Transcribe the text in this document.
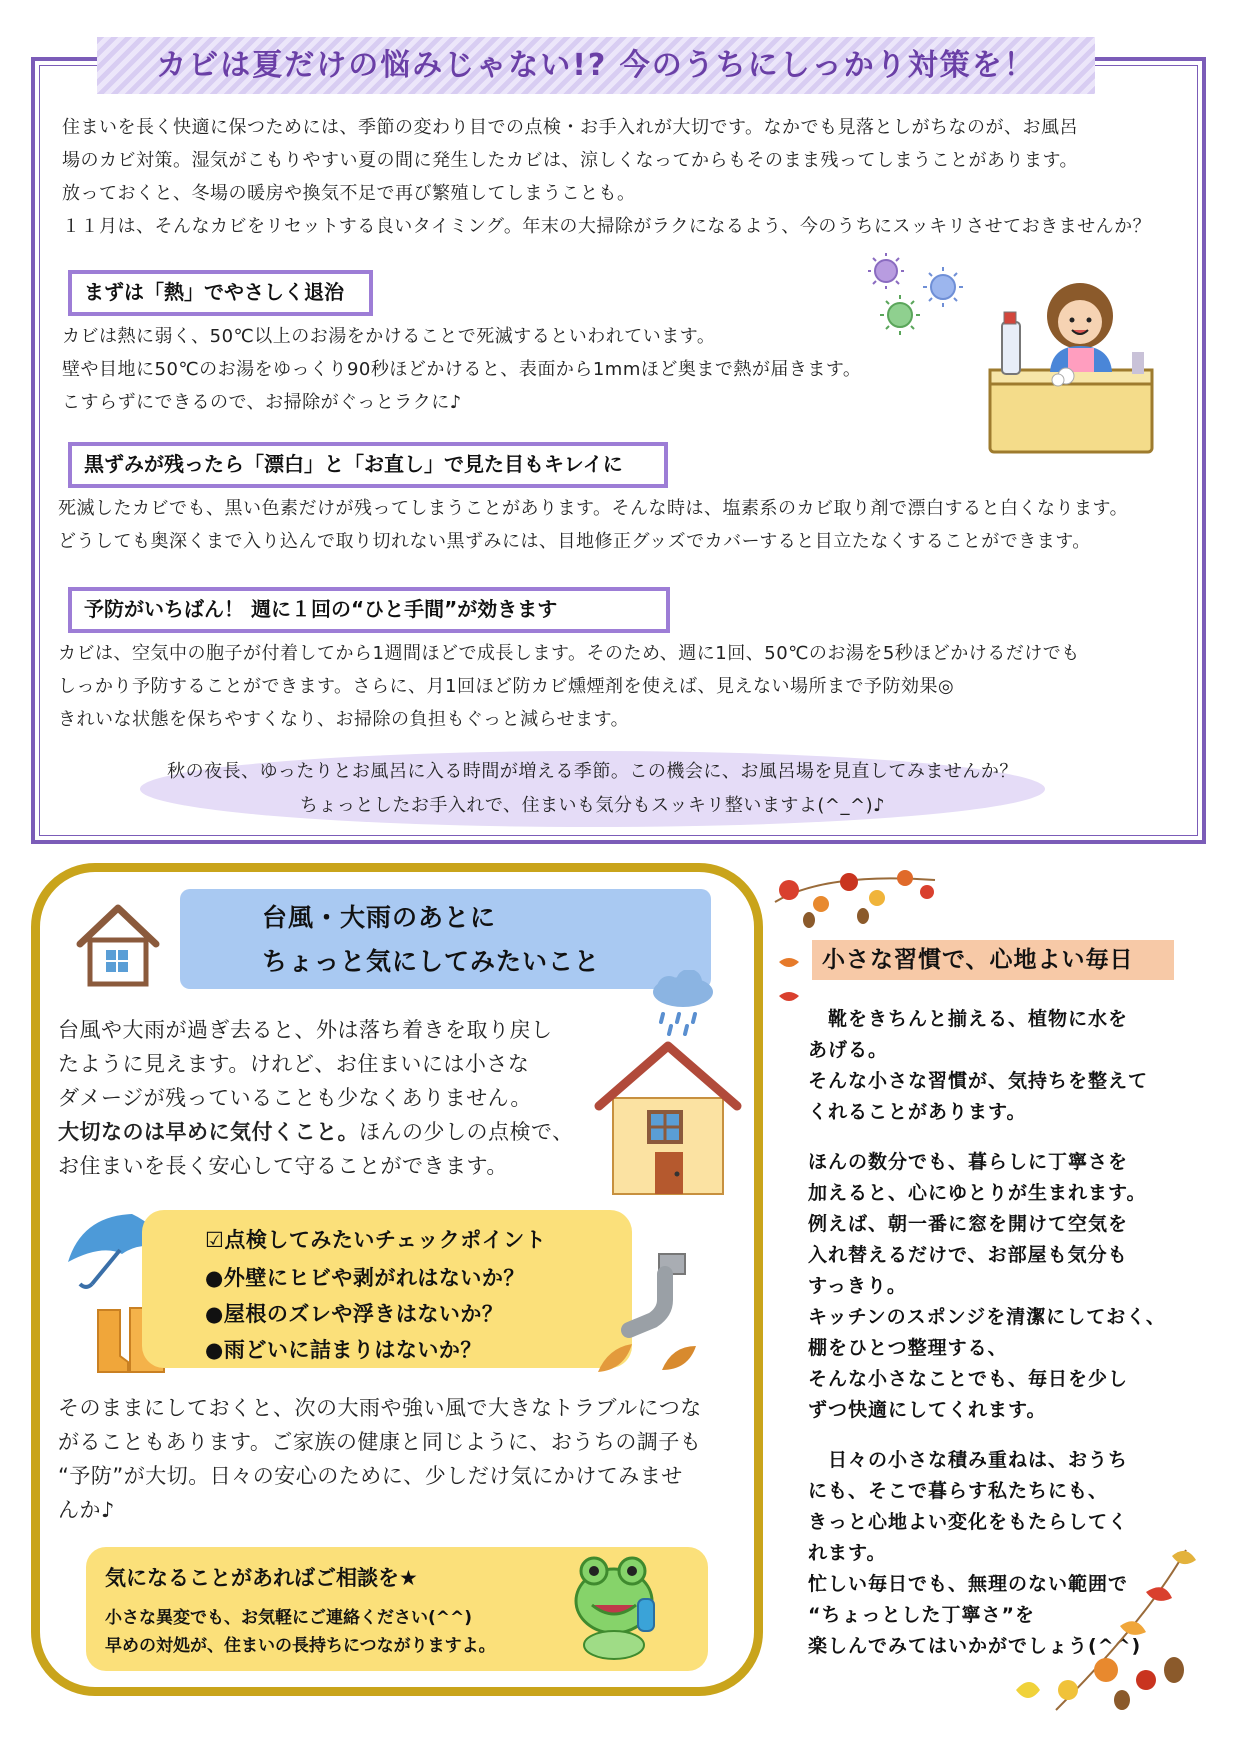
カビは夏だけの悩みじゃない!? 今のうちにしっかり対策を！
住まいを長く快適に保つためには、季節の変わり目での点検・お手入れが大切です。なかでも見落としがちなのが、お風呂
場のカビ対策。湿気がこもりやすい夏の間に発生したカビは、涼しくなってからもそのまま残ってしまうことがあります。
放っておくと、冬場の暖房や換気不足で再び繁殖してしまうことも。
１１月は、そんなカビをリセットする良いタイミング。年末の大掃除がラクになるよう、今のうちにスッキリさせておきませんか？
まずは「熱」でやさしく退治
カビは熱に弱く、50℃以上のお湯をかけることで死滅するといわれています。
壁や目地に50℃のお湯をゆっくり90秒ほどかけると、表面から1mmほど奥まで熱が届きます。
こすらずにできるので、お掃除がぐっとラクに♪
黒ずみが残ったら「漂白」と「お直し」で見た目もキレイに
死滅したカビでも、黒い色素だけが残ってしまうことがあります。そんな時は、塩素系のカビ取り剤で漂白すると白くなります。
どうしても奥深くまで入り込んで取り切れない黒ずみには、目地修正グッズでカバーすると目立たなくすることができます。
予防がいちばん！ 週に１回の“ひと手間”が効きます
カビは、空気中の胞子が付着してから1週間ほどで成長します。そのため、週に1回、50℃のお湯を5秒ほどかけるだけでも
しっかり予防することができます。さらに、月1回ほど防カビ燻煙剤を使えば、見えない場所まで予防効果◎
きれいな状態を保ちやすくなり、お掃除の負担もぐっと減らせます。
秋の夜長、ゆったりとお風呂に入る時間が増える季節。この機会に、お風呂場を見直してみませんか？
ちょっとしたお手入れで、住まいも気分もスッキリ整いますよ(^_^)♪
台風・大雨のあとに
ちょっと気にしてみたいこと
台風や大雨が過ぎ去ると、外は落ち着きを取り戻し
たように見えます。けれど、お住まいには小さな
ダメージが残っていることも少なくありません。
大切なのは早めに気付くこと。ほんの少しの点検で、
お住まいを長く安心して守ることができます。
☑点検してみたいチェックポイント
●外壁にヒビや剥がれはないか？
●屋根のズレや浮きはないか？
●雨どいに詰まりはないか？
そのままにしておくと、次の大雨や強い風で大きなトラブルにつな
がることもあります。ご家族の健康と同じように、おうちの調子も
“予防”が大切。日々の安心のために、少しだけ気にかけてみませ
んか♪
気になることがあればご相談を★
小さな異変でも、お気軽にご連絡ください(^^)
早めの対処が、住まいの長持ちにつながりますよ。
小さな習慣で、心地よい毎日
　靴をきちんと揃える、植物に水を
あげる。
そんな小さな習慣が、気持ちを整えて
くれることがあります。
ほんの数分でも、暮らしに丁寧さを
加えると、心にゆとりが生まれます。
例えば、朝一番に窓を開けて空気を
入れ替えるだけで、お部屋も気分も
すっきり。
キッチンのスポンジを清潔にしておく、
棚をひとつ整理する、
そんな小さなことでも、毎日を少し
ずつ快適にしてくれます。
　日々の小さな積み重ねは、おうち
にも、そこで暮らす私たちにも、
きっと心地よい変化をもたらしてく
れます。
忙しい毎日でも、無理のない範囲で
“ちょっとした丁寧さ”を
楽しんでみてはいかがでしょう(^^)
